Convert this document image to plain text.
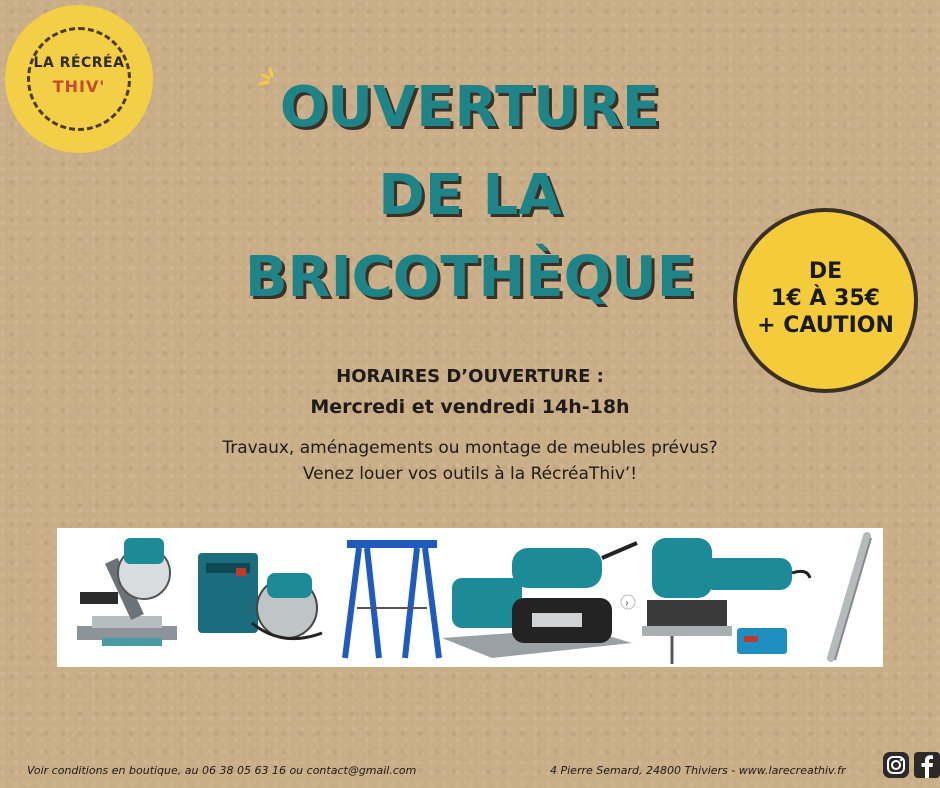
LA RÉCRÉA
THIV'	OUVERTURE
DE LA
BRICOTHÈQUE	DE
1€ À 35€
+ CAUTION
HORAIRES D’OUVERTURE :
Mercredi et vendredi 14h-18h
Travaux, aménagements ou montage de meubles prévus?
Venez louer vos outils à la RécréaThiv’!
›
Voir conditions en boutique, au 06 38 05 63 16 ou contact@gmail.com	4 Pierre Semard, 24800 Thiviers - www.larecreathiv.fr
